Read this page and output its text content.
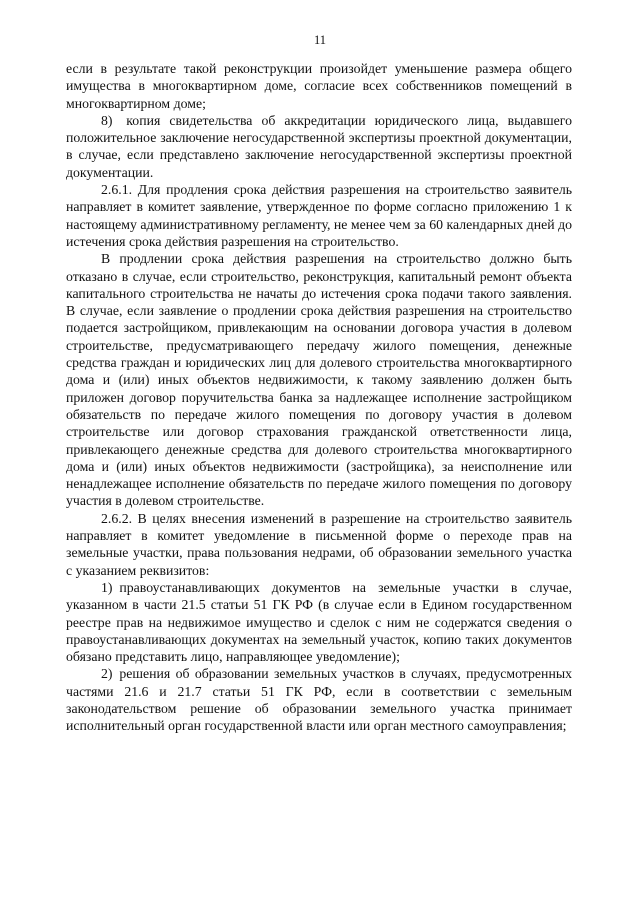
11

если в результате такой реконструкции произойдет уменьшение размера общего имущества в многоквартирном доме, согласие всех собственников помещений в многоквартирном доме;

8) копия свидетельства об аккредитации юридического лица, выдавшего положительное заключение негосударственной экспертизы проектной документации, в случае, если представлено заключение негосударственной экспертизы проектной документации.

2.6.1. Для продления срока действия разрешения на строительство заявитель направляет в комитет заявление, утвержденное по форме согласно приложению 1 к настоящему административному регламенту, не менее чем за 60 календарных дней до истечения срока действия разрешения на строительство.

В продлении срока действия разрешения на строительство должно быть отказано в случае, если строительство, реконструкция, капитальный ремонт объекта капитального строительства не начаты до истечения срока подачи такого заявления. В случае, если заявление о продлении срока действия разрешения на строительство подается застройщиком, привлекающим на основании договора участия в долевом строительстве, предусматривающего передачу жилого помещения, денежные средства граждан и юридических лиц для долевого строительства многоквартирного дома и (или) иных объектов недвижимости, к такому заявлению должен быть приложен договор поручительства банка за надлежащее исполнение застройщиком обязательств по передаче жилого помещения по договору участия в долевом строительстве или договор страхования гражданской ответственности лица, привлекающего денежные средства для долевого строительства многоквартирного дома и (или) иных объектов недвижимости (застройщика), за неисполнение или ненадлежащее исполнение обязательств по передаче жилого помещения по договору участия в долевом строительстве.

2.6.2. В целях внесения изменений в разрешение на строительство заявитель направляет в комитет уведомление в письменной форме о переходе прав на земельные участки, права пользования недрами, об образовании земельного участка с указанием реквизитов:

1) правоустанавливающих документов на земельные участки в случае, указанном в части 21.5 статьи 51 ГК РФ (в случае если в Едином государственном реестре прав на недвижимое имущество и сделок с ним не содержатся сведения о правоустанавливающих документах на земельный участок, копию таких документов обязано представить лицо, направляющее уведомление);

2) решения об образовании земельных участков в случаях, предусмотренных частями 21.6 и 21.7 статьи 51 ГК РФ, если в соответствии с земельным законодательством решение об образовании земельного участка принимает исполнительный орган государственной власти или орган местного самоуправления;
